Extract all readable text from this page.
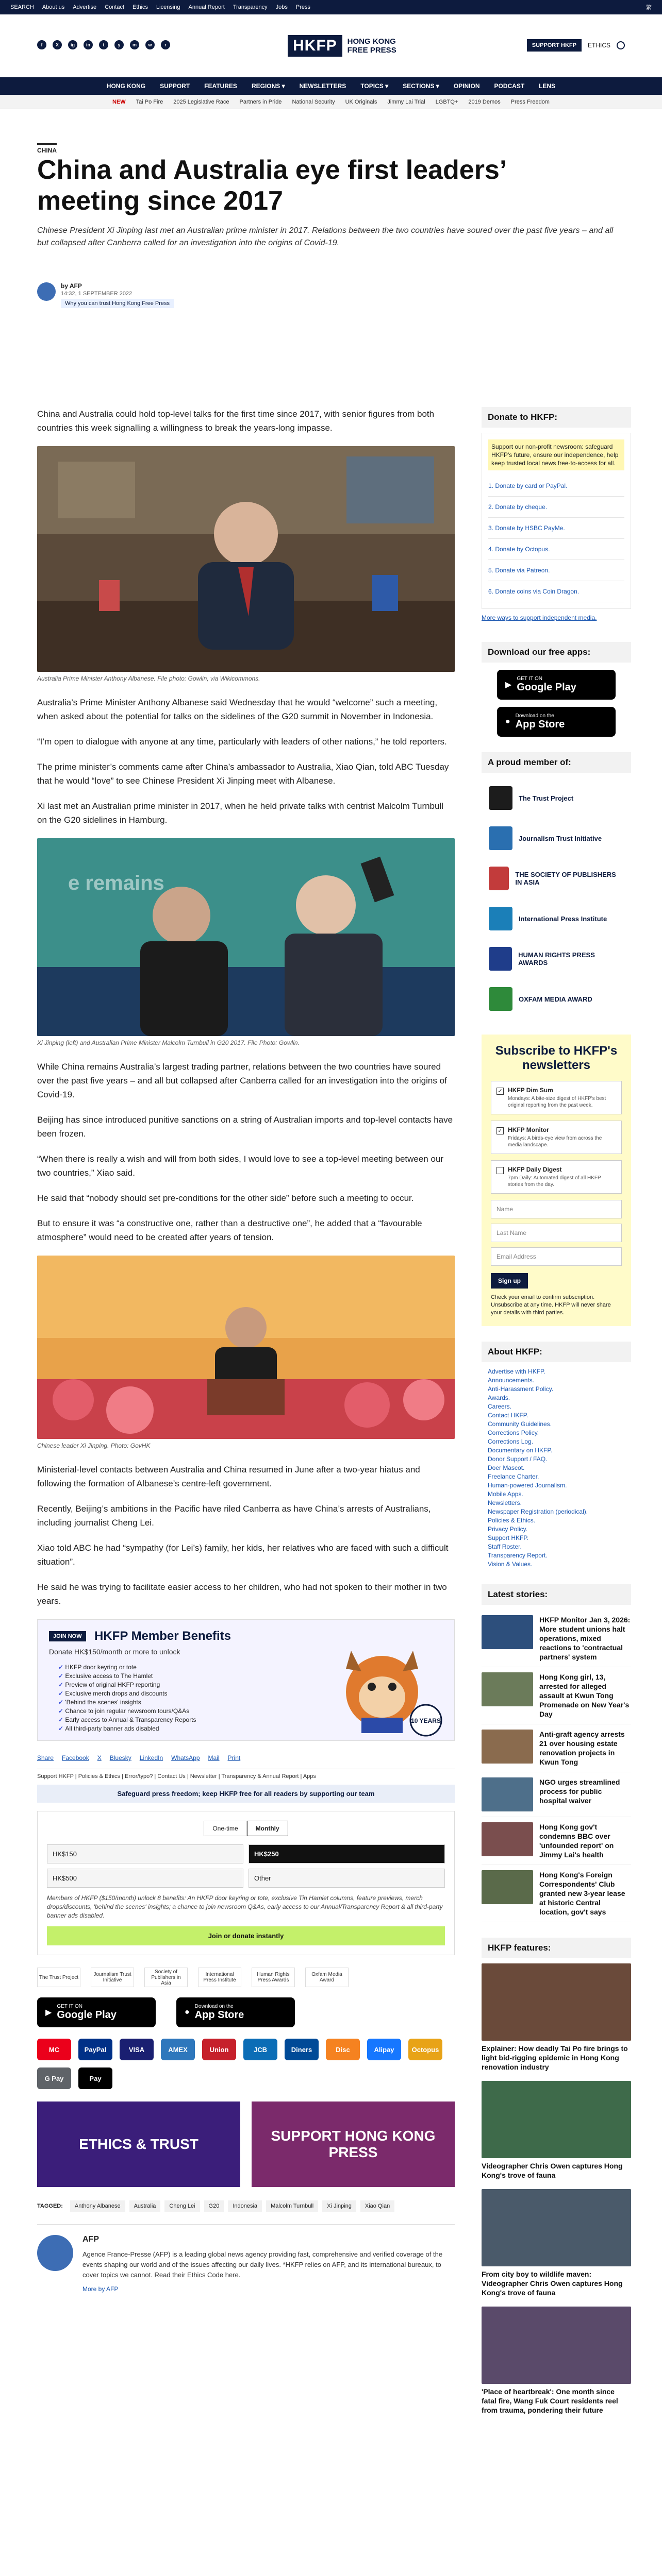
SEARCH About us Advertise Contact Ethics Licensing Annual Report Transparency Jobs Press	繁
f	X	ig	in	t	y	m	w	r	HKFP	HONG KONG
FREE PRESS
SUPPORT HKFP	ETHICS
HONG KONG SUPPORT FEATURES REGIONS ▾ NEWSLETTERS TOPICS ▾ SECTIONS ▾ OPINION PODCAST LENS
NEW Tai Po Fire 2025 Legislative Race Partners in Pride National Security UK Originals Jimmy Lai Trial LGBTQ+ 2019 Demos Press Freedom
CHINA
China and Australia eye first leaders’ meeting since 2017

Chinese President Xi Jinping last met an Australian prime minister in 2017. Relations between the two countries have soured over the past five years – and all but collapsed after Canberra called for an investigation into the origins of Covid-19.

by AFP
14:32, 1 SEPTEMBER 2022
Why you can trust Hong Kong Free Press

China and Australia could hold top-level talks for the first time since 2017, with senior figures from both countries this week signalling a willingness to break the years-long impasse.

Australia Prime Minister Anthony Albanese. File photo: Gowlin, via Wikicommons.

Australia’s Prime Minister Anthony Albanese said Wednesday that he would “welcome” such a meeting, when asked about the potential for talks on the sidelines of the G20 summit in November in Indonesia.

“I’m open to dialogue with anyone at any time, particularly with leaders of other nations,” he told reporters.

The prime minister’s comments came after China’s ambassador to Australia, Xiao Qian, told ABC Tuesday that he would “love” to see Chinese President Xi Jinping meet with Albanese.

Xi last met an Australian prime minister in 2017, when he held private talks with centrist Malcolm Turnbull on the G20 sidelines in Hamburg.

e remains
Xi Jinping (left) and Australian Prime Minister Malcolm Turnbull in G20 2017. File Photo: Gowlin.

While China remains Australia’s largest trading partner, relations between the two countries have soured over the past five years – and all but collapsed after Canberra called for an investigation into the origins of Covid-19.

Beijing has since introduced punitive sanctions on a string of Australian imports and top-level contacts have been frozen.

“When there is really a wish and will from both sides, I would love to see a top-level meeting between our two countries,” Xiao said.

He said that “nobody should set pre-conditions for the other side” before such a meeting to occur.

But to ensure it was “a constructive one, rather than a destructive one”, he added that a “favourable atmosphere” would need to be created after years of tension.

Chinese leader Xi Jinping. Photo: GovHK

Ministerial-level contacts between Australia and China resumed in June after a two-year hiatus and following the formation of Albanese’s centre-left government.

Recently, Beijing’s ambitions in the Pacific have riled Canberra as have China’s arrests of Australians, including journalist Cheng Lei.

Xiao told ABC he had “sympathy (for Lei’s) family, her kids, her relatives who are faced with such a difficult situation”.

He said he was trying to facilitate easier access to her children, who had not spoken to their mother in two years.

JOIN NOW	HKFP Member Benefits
Donate HK$150/month or more to unlock
✓ HKFP door keyring or tote
✓ Exclusive access to The Hamlet
✓ Preview of original HKFP reporting
✓ Exclusive merch drops and discounts
✓ 'Behind the scenes' insights
✓ Chance to join regular newsroom tours/Q&As
✓ Early access to Annual & Transparency Reports
✓ All third-party banner ads disabled
10 YEARS
Share Facebook X Bluesky LinkedIn WhatsApp Mail Print
Support HKFP | Policies & Ethics | Error/typo? | Contact Us | Newsletter | Transparency & Annual Report | Apps
Safeguard press freedom; keep HKFP free for all readers by supporting our team
One-time	Monthly
HK$150	HK$250
HK$500	Other
Members of HKFP ($150/month) unlock 8 benefits: An HKFP door keyring or tote, exclusive Tin Hamlet columns, feature previews, merch drops/discounts, 'behind the scenes' insights; a chance to join newsroom Q&As, early access to our Annual/Transparency Report & all third-party banner ads disabled.
Join or donate instantly
The Trust Project	Journalism Trust Initiative
Society of Publishers in Asia
International Press Institute
Human Rights Press Awards
Oxfam Media Award
▶
GET IT ON
Google Play	●
Download on the
App Store
MC	PayPal	VISA	AMEX	Union	JCB	Diners	Disc	Alipay	Octopus
G Pay	Pay
ETHICS & TRUST
SUPPORT HONG KONG PRESS
TAGGED:	Anthony Albanese	Australia	Cheng Lei	G20	Indonesia	Malcolm Turnbull	Xi Jinping	Xiao Qian
AFP
Agence France-Presse (AFP) is a leading global news agency providing fast, comprehensive and verified coverage of the events shaping our world and of the issues affecting our daily lives. *HKFP relies on AFP, and its international bureaux, to cover topics we cannot. Read their Ethics Code here.
More by AFP
Donate to HKFP:
Support our non-profit newsroom: safeguard HKFP's future, ensure our independence, help keep trusted local news free-to-access for all.
1. Donate by card or PayPal.
2. Donate by cheque.
3. Donate by HSBC PayMe.
4. Donate by Octopus.
5. Donate via Patreon.
6. Donate coins via Coin Dragon.
More ways to support independent media.
Download our free apps:
▶
GET IT ON
Google Play
●
Download on the
App Store
A proud member of:
The Trust Project
Journalism Trust Initiative
THE SOCIETY OF PUBLISHERS IN ASIA
International Press Institute
HUMAN RIGHTS PRESS AWARDS
OXFAM MEDIA AWARD
Subscribe to HKFP's newsletters
✓ HKFP Dim Sum
Mondays: A bite-size digest of HKFP's best original reporting from the past week.
✓ HKFP Monitor
Fridays: A birds-eye view from across the media landscape.
HKFP Daily Digest
7pm Daily: Automated digest of all HKFP stories from the day.
Name
Last Name
Email Address
Sign up
Check your email to confirm subscription. Unsubscribe at any time. HKFP will never share your details with third parties.
About HKFP:
Advertise with HKFP.
Announcements.
Anti-Harassment Policy.
Awards.
Careers.
Contact HKFP.
Community Guidelines.
Corrections Policy.
Corrections Log.
Documentary on HKFP.
Donor Support / FAQ.
Doer Mascot.
Freelance Charter.
Human-powered Journalism.
Mobile Apps.
Newsletters.
Newspaper Registration (periodical).
Policies & Ethics.
Privacy Policy.
Support HKFP.
Staff Roster.
Transparency Report.
Vision & Values.
Latest stories:
HKFP Monitor Jan 3, 2026: More student unions halt operations, mixed reactions to 'contractual partners' system
Hong Kong girl, 13, arrested for alleged assault at Kwun Tong Promenade on New Year's Day
Anti-graft agency arrests 21 over housing estate renovation projects in Kwun Tong
NGO urges streamlined process for public hospital waiver
Hong Kong gov't condemns BBC over 'unfounded report' on Jimmy Lai's health
Hong Kong's Foreign Correspondents' Club granted new 3-year lease at historic Central location, gov't says
HKFP features:
Explainer: How deadly Tai Po fire brings to light bid-rigging epidemic in Hong Kong renovation industry
Videographer Chris Owen captures Hong Kong's trove of fauna
From city boy to wildlife maven: Videographer Chris Owen captures Hong Kong's trove of fauna
'Place of heartbreak': One month since fatal fire, Wang Fuk Court residents reel from trauma, pondering their future
